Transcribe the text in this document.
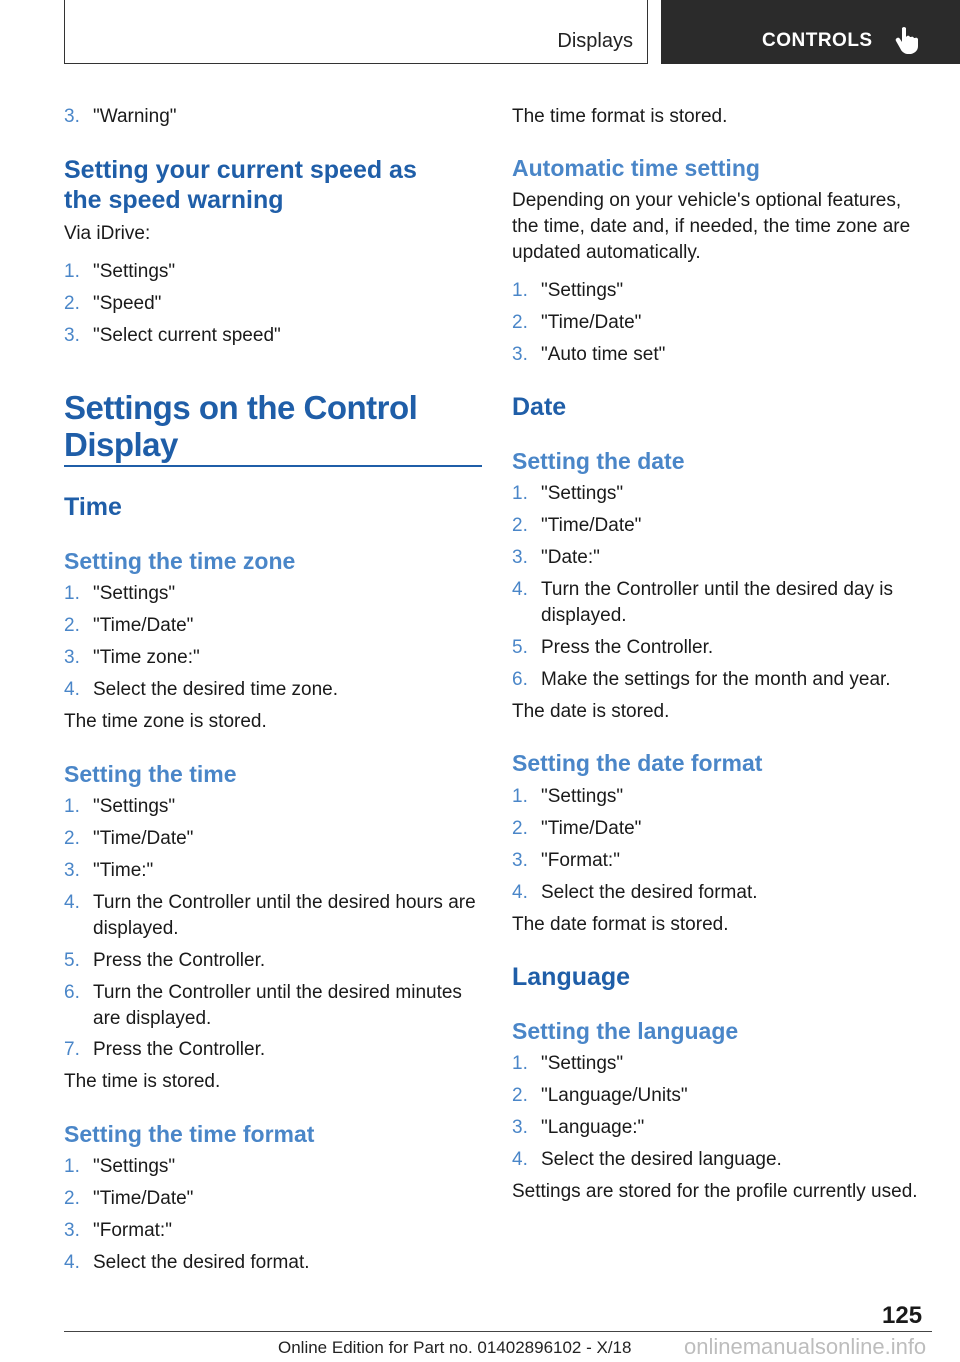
Displays	CONTROLS
3. "Warning"
Setting your current speed as
the speed warning
Via iDrive:
1. "Settings"
2. "Speed"
3. "Select current speed"
Settings on the Control
Display
Time
Setting the time zone
1. "Settings"
2. "Time/Date"
3. "Time zone:"
4. Select the desired time zone.
The time zone is stored.
Setting the time
1. "Settings"
2. "Time/Date"
3. "Time:"
4. Turn the Controller until the desired hours are displayed.
5. Press the Controller.
6. Turn the Controller until the desired minutes are displayed.
7. Press the Controller.
The time is stored.
Setting the time format
1. "Settings"
2. "Time/Date"
3. "Format:"
4. Select the desired format.
The time format is stored.
Automatic time setting
Depending on your vehicle's optional features, the time, date and, if needed, the time zone are updated automatically.
1. "Settings"
2. "Time/Date"
3. "Auto time set"
Date
Setting the date
1. "Settings"
2. "Time/Date"
3. "Date:"
4. Turn the Controller until the desired day is displayed.
5. Press the Controller.
6. Make the settings for the month and year.
The date is stored.
Setting the date format
1. "Settings"
2. "Time/Date"
3. "Format:"
4. Select the desired format.
The date format is stored.
Language
Setting the language
1. "Settings"
2. "Language/Units"
3. "Language:"
4. Select the desired language.
Settings are stored for the profile currently used.
125
Online Edition for Part no. 01402896102 - X/18 onlinemanualsonline.info
